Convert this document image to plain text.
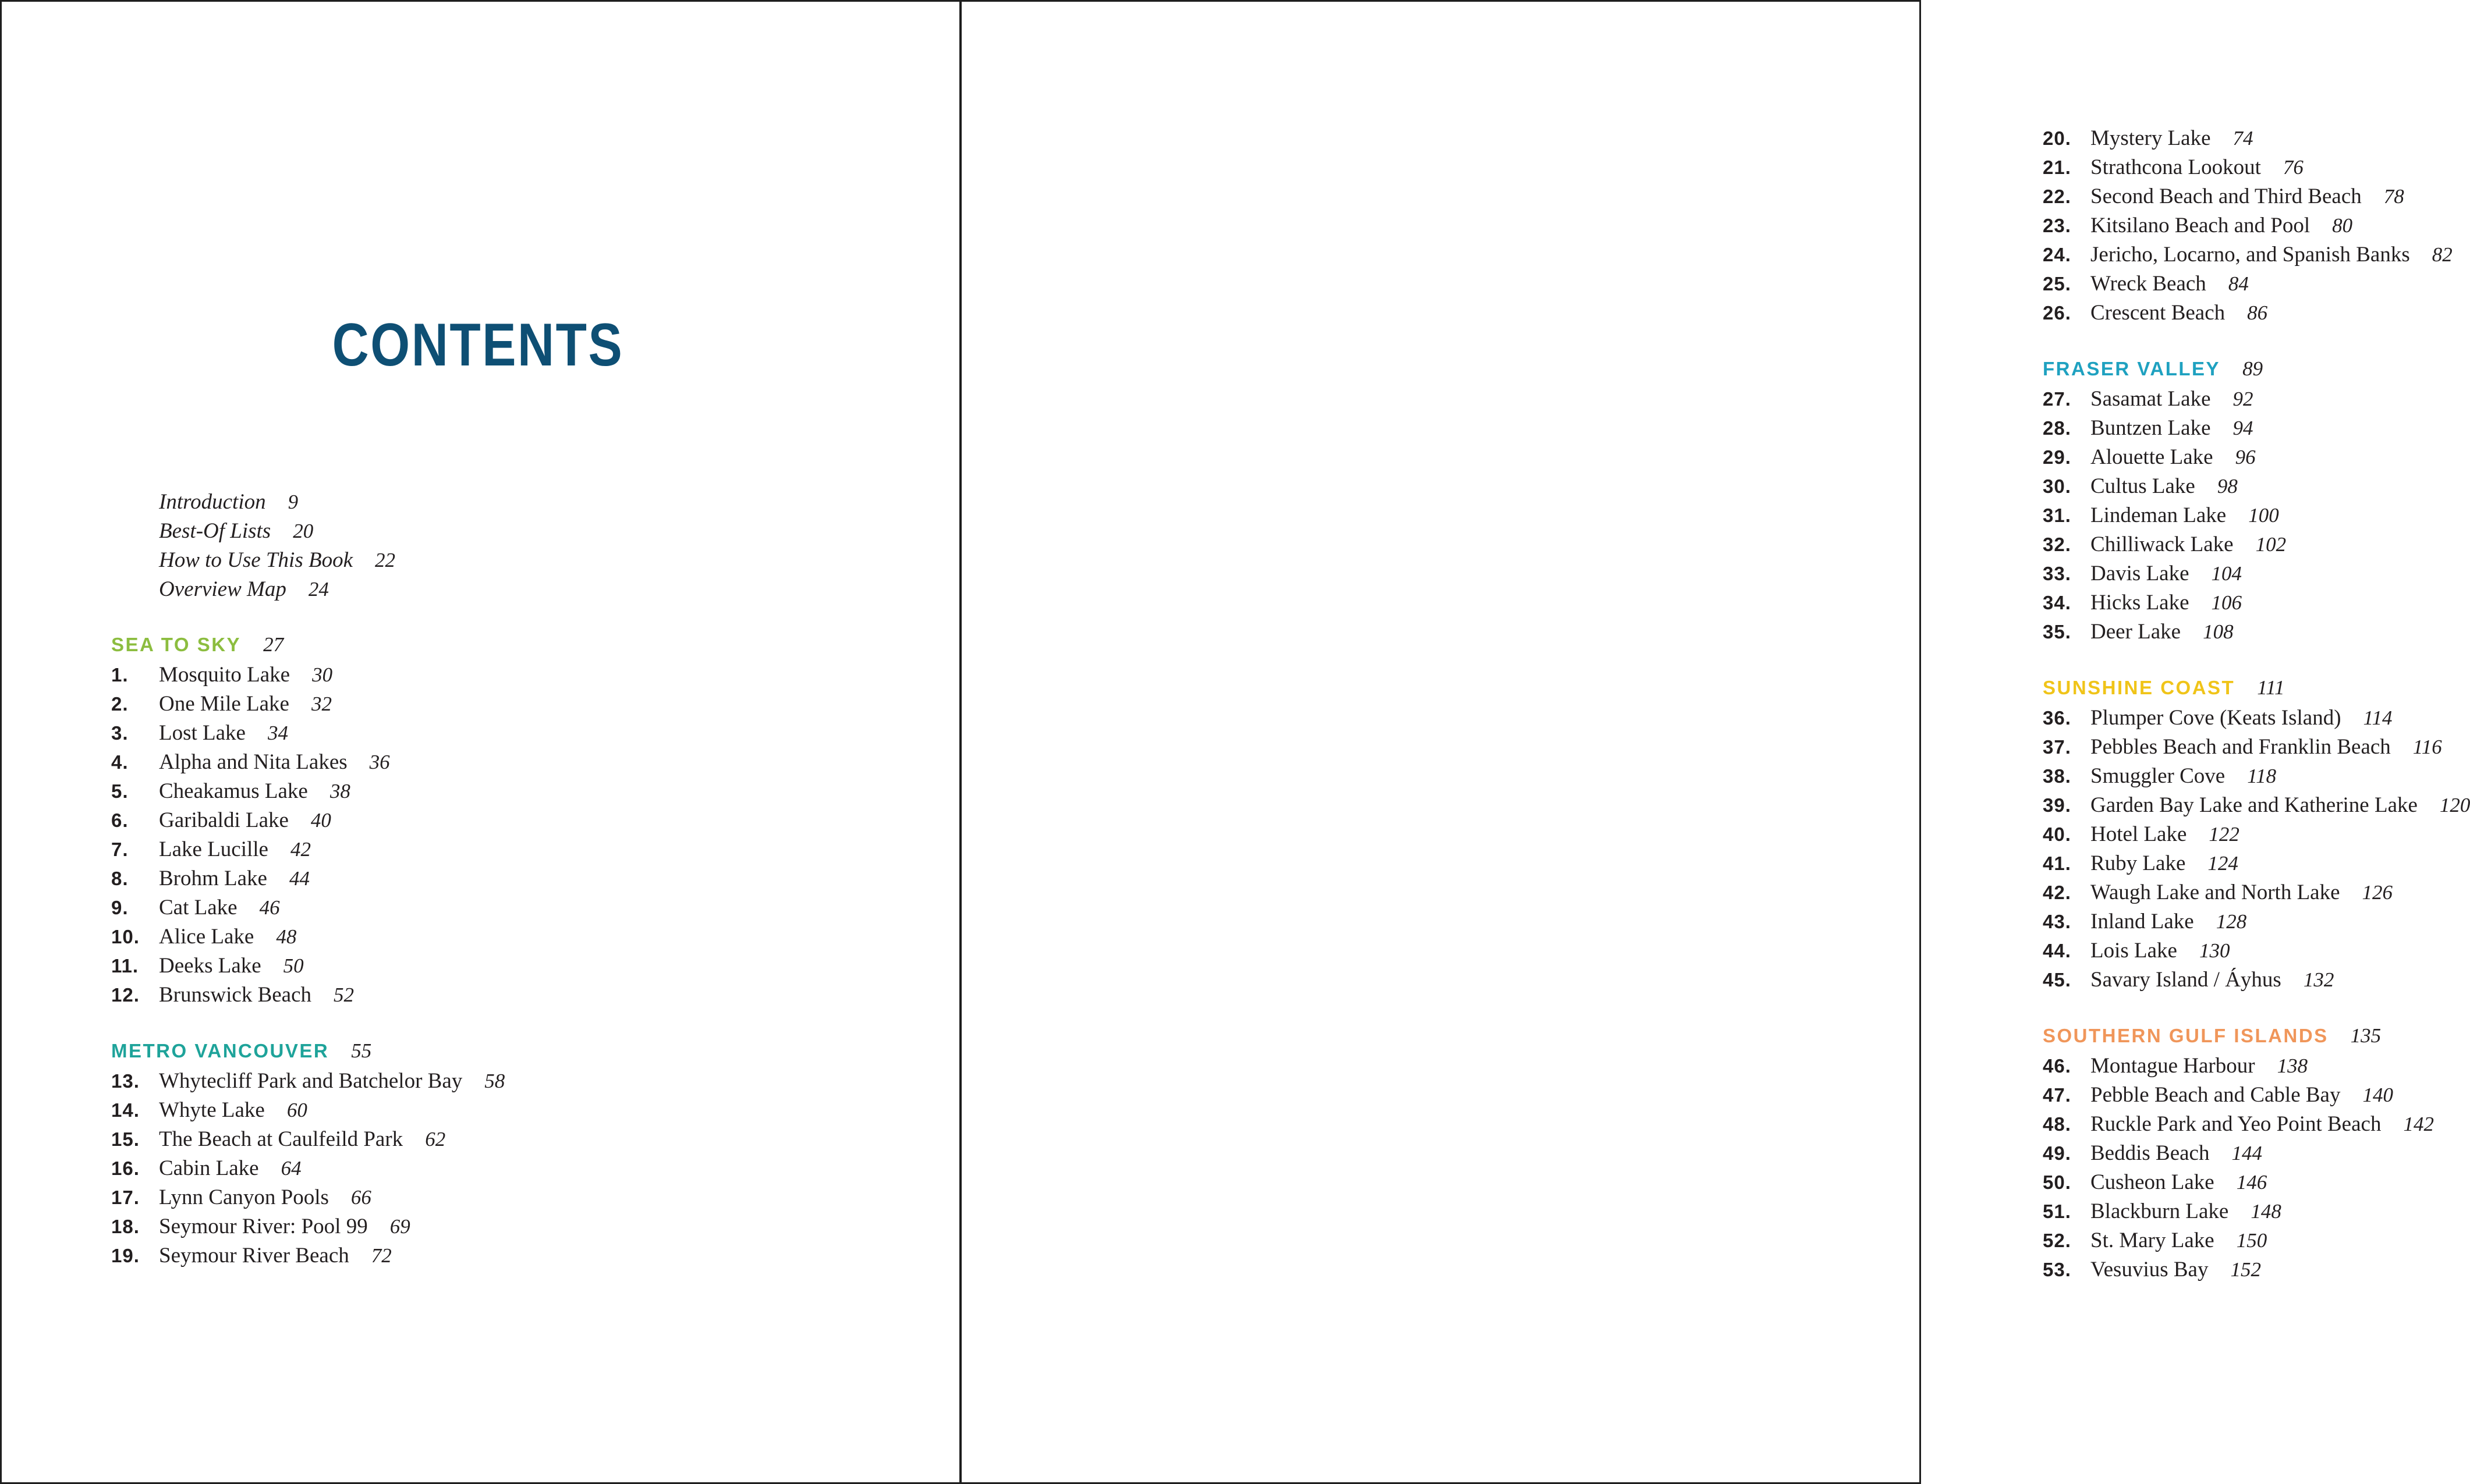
CONTENTS
Introduction 9
Best-Of Lists 20
How to Use This Book 22
Overview Map 24
SEA TO SKY 27
1.	Mosquito Lake 30
2.	One Mile Lake 32
3.	Lost Lake 34
4.	Alpha and Nita Lakes 36
5.	Cheakamus Lake 38
6.	Garibaldi Lake 40
7.	Lake Lucille 42
8.	Brohm Lake 44
9.	Cat Lake 46
10. Alice Lake 48
11. Deeks Lake 50
12. Brunswick Beach 52
METRO VANCOUVER 55
13. Whytecliff Park and Batchelor Bay 58
14. Whyte Lake 60
15. The Beach at Caulfeild Park 62
16. Cabin Lake 64
17. Lynn Canyon Pools 66
18. Seymour River: Pool 99 69
19. Seymour River Beach 72
20. Mystery Lake 74
21. Strathcona Lookout 76
22. Second Beach and Third Beach 78
23. Kitsilano Beach and Pool 80
24. Jericho, Locarno, and Spanish Banks 82
25. Wreck Beach 84
26. Crescent Beach 86
FRASER VALLEY 89
27. Sasamat Lake 92
28. Buntzen Lake 94
29. Alouette Lake 96
30. Cultus Lake 98
31. Lindeman Lake 100
32. Chilliwack Lake 102
33. Davis Lake 104
34. Hicks Lake 106
35. Deer Lake 108
SUNSHINE COAST 111
36. Plumper Cove (Keats Island) 114
37. Pebbles Beach and Franklin Beach 116
38. Smuggler Cove 118
39. Garden Bay Lake and Katherine Lake 120
40. Hotel Lake 122
41. Ruby Lake 124
42. Waugh Lake and North Lake 126
43. Inland Lake 128
44. Lois Lake 130
45. Savary Island / Áyhus 132
SOUTHERN GULF ISLANDS 135
46. Montague Harbour 138
47. Pebble Beach and Cable Bay 140
48. Ruckle Park and Yeo Point Beach 142
49. Beddis Beach 144
50. Cusheon Lake 146
51. Blackburn Lake 148
52. St. Mary Lake 150
53. Vesuvius Bay 152
